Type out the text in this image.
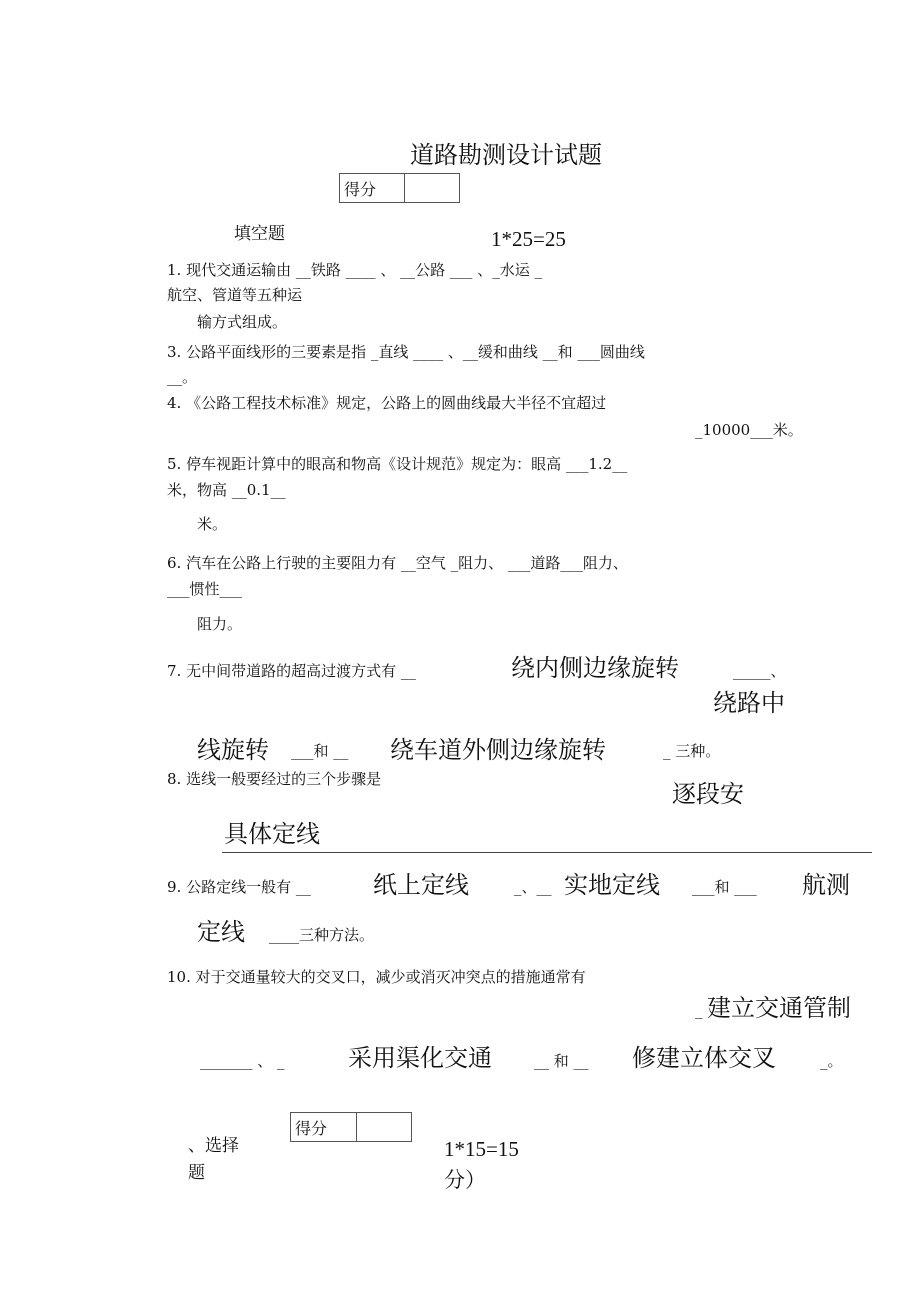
道路勘测设计试题
得分
填空题	1*25=25
1. 现代交通运输由 __铁路 ____ 、 __公路 ___ 、_水运 _
航空、管道等五种运
输方式组成。
3. 公路平面线形的三要素是指 _直线 ____ 、__缓和曲线 __和 ___圆曲线
__。
4. 《公路工程技术标准》规定，公路上的圆曲线最大半径不宜超过
_10000___米。
5. 停车视距计算中的眼高和物高《设计规范》规定为：眼高 ___1.2__
米，物高 __0.1__
米。
6. 汽车在公路上行驶的主要阻力有 __空气 _阻力、 ___道路___阻力、
___惯性___
阻力。
7. 无中间带道路的超高过渡方式有 __	绕内侧边缘旋转	_____、
______________________________________________	绕路中
线旋转 ___和 __ 绕车道外侧边缘旋转	_ 三种。
8. 选线一般要经过的三个步骤是
逐段安
具体定线
9. 公路定线一般有 __	纸上定线	_、__ 实地定线 ___和 ___ 航测
定线 ____三种方法。
10. 对于交通量较大的交叉口，减少或消灭冲突点的措施通常有
_ 建立交通管制
_______ 、 _	采用渠化交通	__ 和 __ 修建立体交叉	_。
得分
、选择
题
1*15=15
分）
